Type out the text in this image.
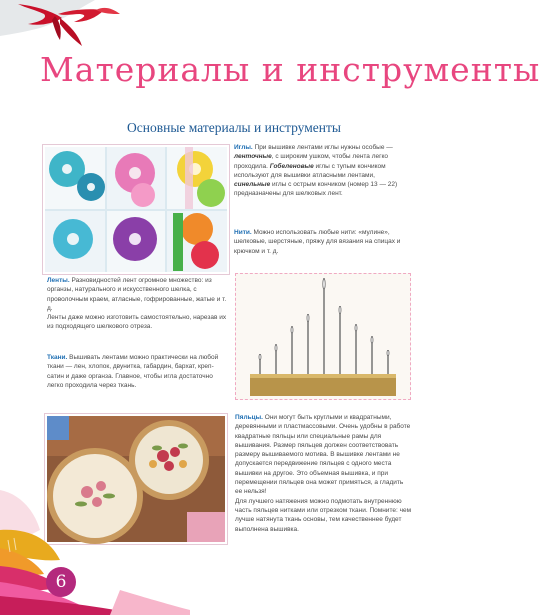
Материалы и инструменты
Основные материалы и инструменты

Иглы. При вышивке лентами иглы нужны особые — ленточные, с широким ушком, чтобы лента легко проходила. Гобеленовые иглы с тупым кончиком используют для вышивки атласными лентами, синельные иглы с острым кончиком (номер 13 — 22) предназначены для шелковых лент.

Нити. Можно использовать любые нити: «мулине», шелковые, шерстяные, пряжу для вязания на спицах и крючком и т. д.

Ленты. Разновидностей лент огромное множество: из органзы, натурального и искусственного шелка, с проволочным краем, атласные, гофрированные, жатые и т. д.

Ленты даже можно изготовить самостоятельно, нарезав их из подходящего шелкового отреза.

Ткани. Вышивать лентами можно практически на любой ткани — лен, хлопок, двунитка, габардин, бархат, креп-сатин и даже органза. Главное, чтобы игла достаточно легко проходила через ткань.

Пяльцы. Они могут быть круглыми и квадратными, деревянными и пластмассовыми. Очень удобны в работе квадратные пяльцы или специальные рамы для вышивания. Размер пяльцев должен соответствовать размеру вышиваемого мотива. В вышивке лентами не допускается передвижение пяльцев с одного места вышивки на другое. Это объемная вышивка, и при перемещении пяльцев она может примяться, а гладить ее нельзя!

Для лучшего натяжения можно подмотать внутреннюю часть пяльцев нитками или отрезком ткани. Помните: чем лучше натянута ткань основы, тем качественнее будет выполнена вышивка.

6
